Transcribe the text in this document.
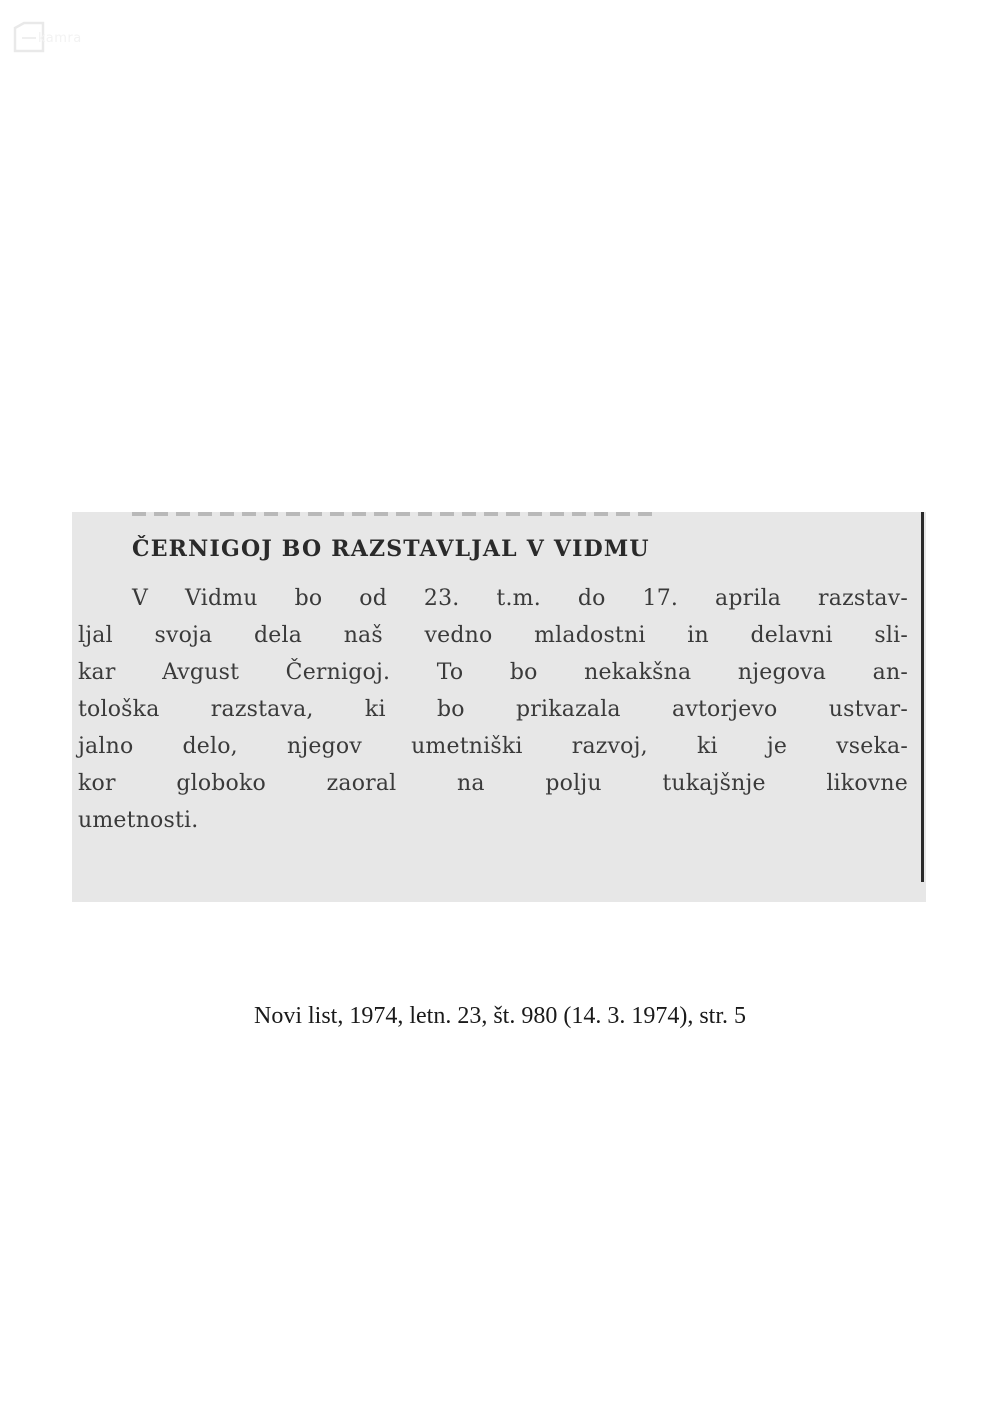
kamra
ČERNIGOJ BO RAZSTAVLJAL V VIDMU

V Vidmu bo od 23. t.m. do 17. aprila razstav-
ljal svoja dela naš vedno mladostni in delavni sli-
kar Avgust Černigoj. To bo nekakšna njegova an-
tološka razstava, ki bo prikazala avtorjevo ustvar-
jalno delo, njegov umetniški razvoj, ki je vseka-
kor globoko zaoral na polju tukajšnje likovne
umetnosti.

Novi list, 1974, letn. 23, št. 980 (14. 3. 1974), str. 5
